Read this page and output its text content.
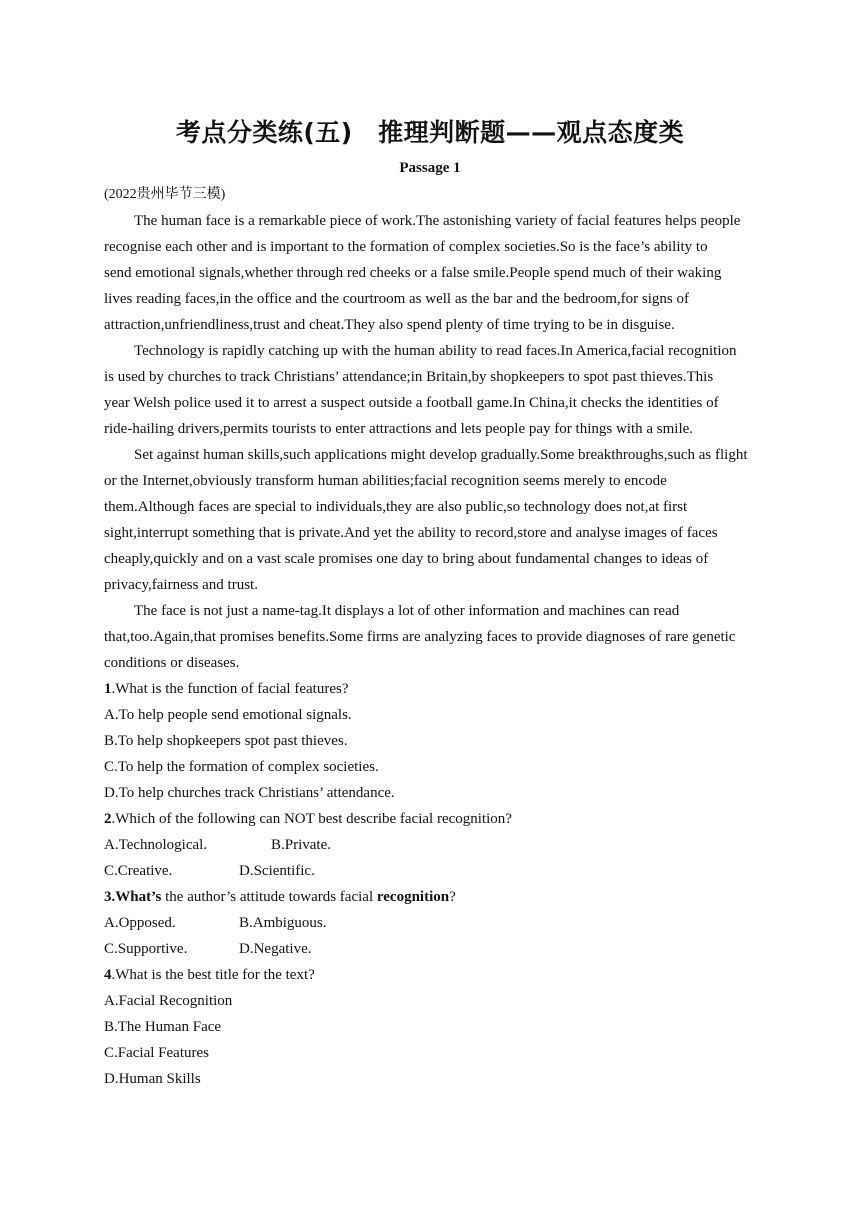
考点分类练(五)　推理判断题——观点态度类
Passage 1
(2022贵州毕节三模)
The human face is a remarkable piece of work.The astonishing variety of facial features helps people
recognise each other and is important to the formation of complex societies.So is the face’s ability to
send emotional signals,whether through red cheeks or a false smile.People spend much of their waking
lives reading faces,in the office and the courtroom as well as the bar and the bedroom,for signs of
attraction,unfriendliness,trust and cheat.They also spend plenty of time trying to be in disguise.
Technology is rapidly catching up with the human ability to read faces.In America,facial recognition
is used by churches to track Christians’ attendance;in Britain,by shopkeepers to spot past thieves.This
year Welsh police used it to arrest a suspect outside a football game.In China,it checks the identities of
ride-hailing drivers,permits tourists to enter attractions and lets people pay for things with a smile.
Set against human skills,such applications might develop gradually.Some breakthroughs,such as flight
or the Internet,obviously transform human abilities;facial recognition seems merely to encode
them.Although faces are special to individuals,they are also public,so technology does not,at first
sight,interrupt something that is private.And yet the ability to record,store and analyse images of faces
cheaply,quickly and on a vast scale promises one day to bring about fundamental changes to ideas of
privacy,fairness and trust.
The face is not just a name-tag.It displays a lot of other information and machines can read
that,too.Again,that promises benefits.Some firms are analyzing faces to provide diagnoses of rare genetic
conditions or diseases.
1.What is the function of facial features?
A.To help people send emotional signals.
B.To help shopkeepers spot past thieves.
C.To help the formation of complex societies.
D.To help churches track Christians’ attendance.
2.Which of the following can NOT best describe facial recognition?
A.Technological.	B.Private.
C.Creative.	D.Scientific.
3.What’s the author’s attitude towards facial recognition?
A.Opposed.	B.Ambiguous.
C.Supportive.	D.Negative.
4.What is the best title for the text?
A.Facial Recognition
B.The Human Face
C.Facial Features
D.Human Skills
